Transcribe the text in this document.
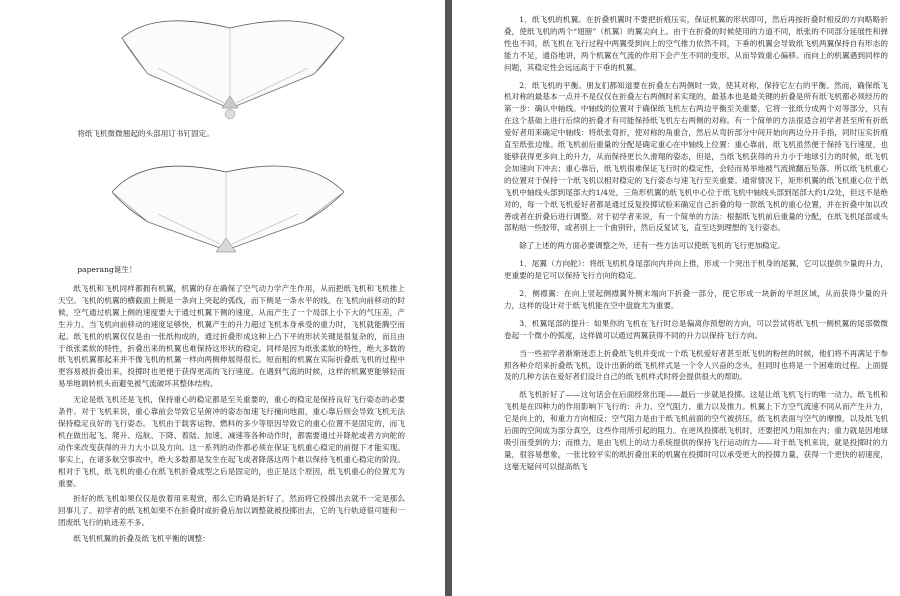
将纸飞机微微翘起的头部用订书钉固定。

paperang诞生！

纸飞机和飞机同样都拥有机翼，机翼的存在确保了空气动力学产生作用，从而把纸飞机和飞机推上天空。飞机的机翼的横截面上侧是一条向上突起的弧线，而下侧是一条水平的线。在飞机向前移动的时候，空气通过机翼上侧的速度要大于通过机翼下侧的速度，从而产生了一个局部上小下大的气压差，产生升力。当飞机向前移动的速度足够快，机翼产生的升力超过飞机本身承受的重力时，飞机就能腾空而起。纸飞机的机翼仅仅是由一张纸构成的，通过折叠形成这种上凸下平的形状关键是很复杂的，而且由于纸张柔软的特性，折叠出来的机翼也难保持这形状的稳定。同样是因为纸张柔软的特性，绝大多数的纸飞机机翼都起来并不像飞机的机翼一样向两侧伸展得很长。短而粗的机翼在实际折叠纸飞机的过程中更容易被折叠出来，投掷时也更便于获得更高的飞行速度。在遇到气流的时候，这样的机翼更能够轻而易举地调转机头而避免被气流破坏其整体结构。

无论是纸飞机还是飞机，保持重心的稳定都是至关重要的，重心的稳定是保持良好飞行姿态的必要条件。对于飞机来说，重心靠前会导致它呈俯冲的姿态加速飞行撞向地面，重心靠后则会导致飞机无法保持稳定良好的飞行姿态。飞机由于载客运物、燃料的多少等原因导致它的重心位置不是固定的，而飞机在做出起飞、爬升、巡航、下降、着陆、加速、减速等各种动作时，都需要通过升降舵或者方向舵的动作来改变获得的升力大小以及方向。这一系列的动作都必须在保证飞机重心稳定的前提下才能实现。事实上，在诸多航空事故中，绝大多数都是发生在起飞或者降落这两个难以保持飞机重心稳定的阶段。相对于飞机，纸飞机的重心在纸飞机折叠成型之后是固定的，也正是这个原因，纸飞机重心的位置尤为重要。

折好的纸飞机如果仅仅是放着用来观赏，那么它的确是折好了，然而将它投掷出去就不一定是那么回事儿了。初学者的纸飞机如果不在折叠时或折叠后加以调整就被投掷出去，它的飞行轨迹很可能和一团废纸飞行的轨迹差不多。

纸飞机机翼的折叠及纸飞机平衡的调整：

1．纸飞机的机翼。在折叠机翼时不要把折痕压实，保证机翼的形状即可，然后再按折叠时相反的方向略略折叠，使纸飞机的两个“翅膀”（机翼）的翼尖向上。由于在折叠的时候使用的力道不同，纸张的不同部分延展性和弹性也不同，纸飞机在飞行过程中两翼受到向上的空气推力依然不同，下垂的机翼会导致纸飞机两翼保持自有形态的能力不足，通俗地讲，两个机翼在气流的作用下会产生不同的变形，从而导致重心偏移。而向上的机翼遇到同样的问题，其稳定性会远远高于下垂的机翼。

2．纸飞机的平衡。朋友们都知道要在折叠左右两侧时一致，使其对称，保持它左右的平衡。然而，确保纸飞机对称的最基本一点并不是仅仅在折叠左右两侧时来实现的，最基本也是最关键的折叠是所有纸飞机都必须经历的第一步：确认中轴线。中轴线的位置对于确保纸飞机左右两边平衡至关重要，它将一张纸分成两个对等部分，只有在这个基础上进行后续的折叠才有可能保持纸飞机左右两侧的对称。有一个简单的方法很适合初学者甚至所有折纸爱好者用来确定中轴线：将纸张弯折，使对称的角重合，然后从弯折部分中间开始向两边分开手指，同时压实折痕直至纸张边缘。纸飞机前后重量的分配是确定重心在中轴线上位置：重心靠前，纸飞机虽然便于保持飞行速度，也能够获得更多向上的升力，从而保持更长久滑翔的姿态，但是，当纸飞机获得的升力小于地球引力的时候，纸飞机会加速向下冲去；重心靠后，纸飞机很难保证飞行时的稳定性，会轻而易举地被气流掀翻后坠落。所以纸飞机重心的位置对于保持一个纸飞机以相对稳定的飞行姿态与速飞行至关重要。通常情况下，矩形机翼的纸飞机重心位于纸飞机中轴线头部到尾部大约1/4处，三角形机翼的纸飞机中心位于纸飞机中轴线头部到尾部大约1/2处，但这不是绝对的，每一个纸飞机爱好者都是通过反复投掷试验来确定自己折叠的每一款纸飞机的重心位置，并在折叠中加以改善或者在折叠后进行调整。对于初学者来说，有一个简单的方法：根据纸飞机前后重量的分配，在纸飞机尾部或头部粘贴一些胶带，或者别上一个曲别针，然后反复试飞，直至达到理想的飞行姿态。

除了上述的两方面必要调整之外，还有一些方法可以使纸飞机的飞行更加稳定。

1．尾翼（方向舵）：将纸飞机机身尾部向内并向上推，形成一个突出于机身的尾翼，它可以提供少量的升力，更重要的是它可以保持飞行方向的稳定。

2．侧襟翼：在向上竖起侧襟翼外侧末端向下折叠一部分，使它形成一块新的平坦区域，从而获得少量的升力，这样的设计对于纸飞机能在空中盘旋尤为重要。

3．机翼尾部的提升：如果你的飞机在飞行时总是偏离你预想的方向，可以尝试将纸飞机一侧机翼的尾部微微卷起一个微小的弧度，这样做可以通过两翼获得不同的升力以保持飞行方向。

当一些初学者渐渐迷恋上折叠纸飞机并变成一个纸飞机爱好者甚至纸飞机的粉丝的时候，他们将不再满足于参照各种介绍来折叠纸飞机，设计出新的纸飞机样式是一个令人兴奋的念头，但同时也将是一个困难的过程。上面提及的几种方法在爱好者们设计自己的纸飞机样式时将会提供很大的帮助。

纸飞机折好了——这句话会在后面经常出现——最后一步就是投掷。这是让纸飞机飞行的唯一动力。纸飞机和飞机是在四种力的作用影响下飞行的：升力、空气阻力、重力以及推力。机翼上下方空气流速不同从而产生升力，它是向上的，和重力方向相反；空气阻力是由于纸飞机前面的空气被挤压，纸飞机表面与空气的摩擦，以及纸飞机后面的空间成为部分真空，这些作用所引起的阻力。在逆风投掷纸飞机时，还要把风力阻加在内；重力就是因地球吸引而受到的力；而推力，是由飞机上的动力系统提供的保持飞行运动的力——对于纸飞机来说，就是投掷时的力量，很容易想象，一张比较平实的纸折叠出来的机翼在投掷时可以承受更大的投掷力量，获得一个更快的初速度，这毫无疑问可以提高纸飞
